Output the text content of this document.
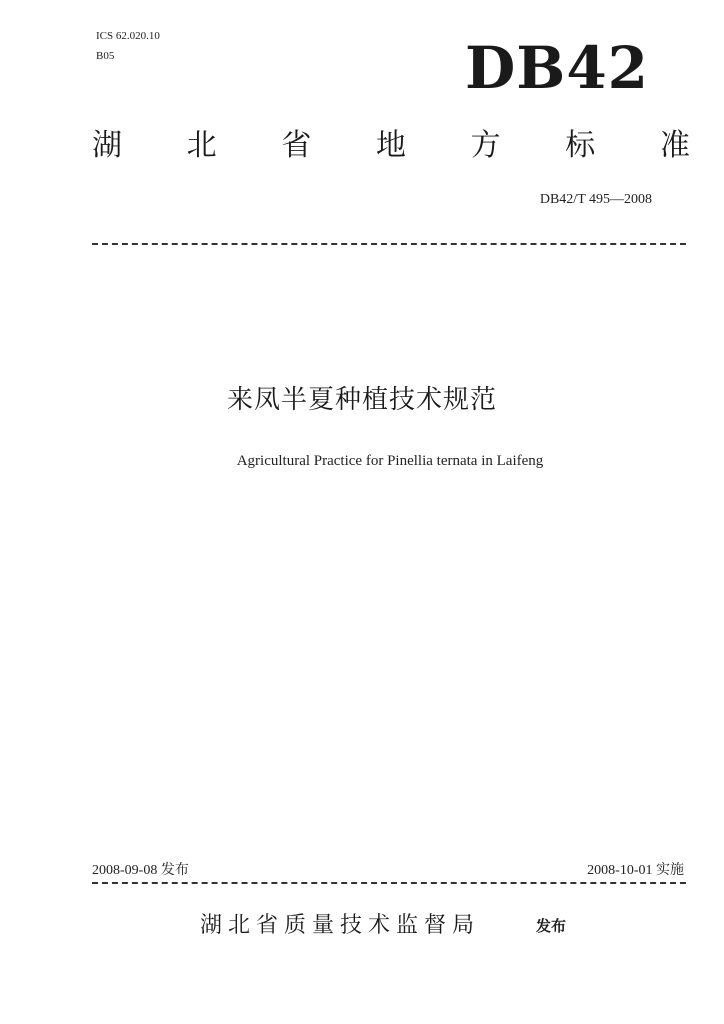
ICS 62.020.10
B05	DB42
湖 北 省 地 方 标 准
DB42/T 495—2008
来凤半夏种植技术规范
Agricultural Practice for Pinellia ternata in Laifeng
2008-09-08 发布	2008-10-01 实施
湖北省质量技术监督局	发布
